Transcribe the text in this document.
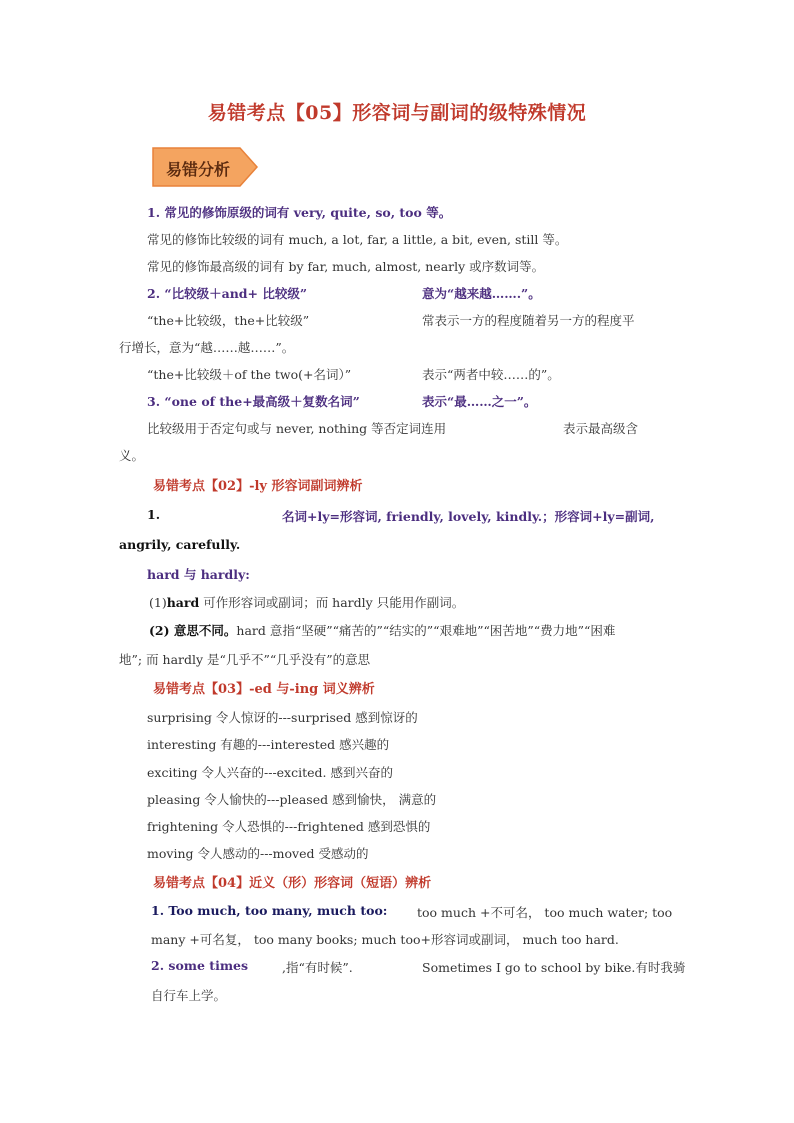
易错考点【05】形容词与副词的级特殊情况
易错分析
1. 常见的修饰原级的词有 very, quite, so, too 等。
常见的修饰比较级的词有 much, a lot, far, a little, a bit, even, still 等。
常见的修饰最高级的词有 by far, much, almost, nearly 或序数词等。
2. “比较级＋and+ 比较级”	意为“越来越…….”。
“the+比较级，the+比较级”	常表示一方的程度随着另一方的程度平
行增长，意为“越……越……”。
“the+比较级＋of the two(+名词）”	表示“两者中较……的”。
3. “one of the+最高级＋复数名词”	表示“最……之一”。
比较级用于否定句或与 never, nothing 等否定词连用	表示最高级含
义。
易错考点【02】-ly 形容词副词辨析
1.	名词+ly=形容词, friendly, lovely, kindly.；形容词+ly=副词,
angrily, carefully.
hard 与 hardly:
(1)hard 可作形容词或副词；而 hardly 只能用作副词。
(2) 意思不同。hard 意指“坚硬”“痛苦的”“结实的”“艰难地”“困苦地”“费力地”“困难
地”; 而 hardly 是“几乎不”“几乎没有”的意思
易错考点【03】-ed 与-ing 词义辨析
surprising 令人惊讶的---surprised 感到惊讶的
interesting 有趣的---interested 感兴趣的
exciting 令人兴奋的---excited. 感到兴奋的
pleasing 令人愉快的---pleased 感到愉快， 满意的
frightening 令人恐惧的---frightened 感到恐惧的
moving 令人感动的---moved 受感动的
易错考点【04】近义（形）形容词（短语）辨析
1. Too much, too many, much too: too much +不可名， too much water; too
many +可名复， too many books; much too+形容词或副词， much too hard.
2. some times	,指“有时候”.	Sometimes I go to school by bike.有时我骑
自行车上学。
